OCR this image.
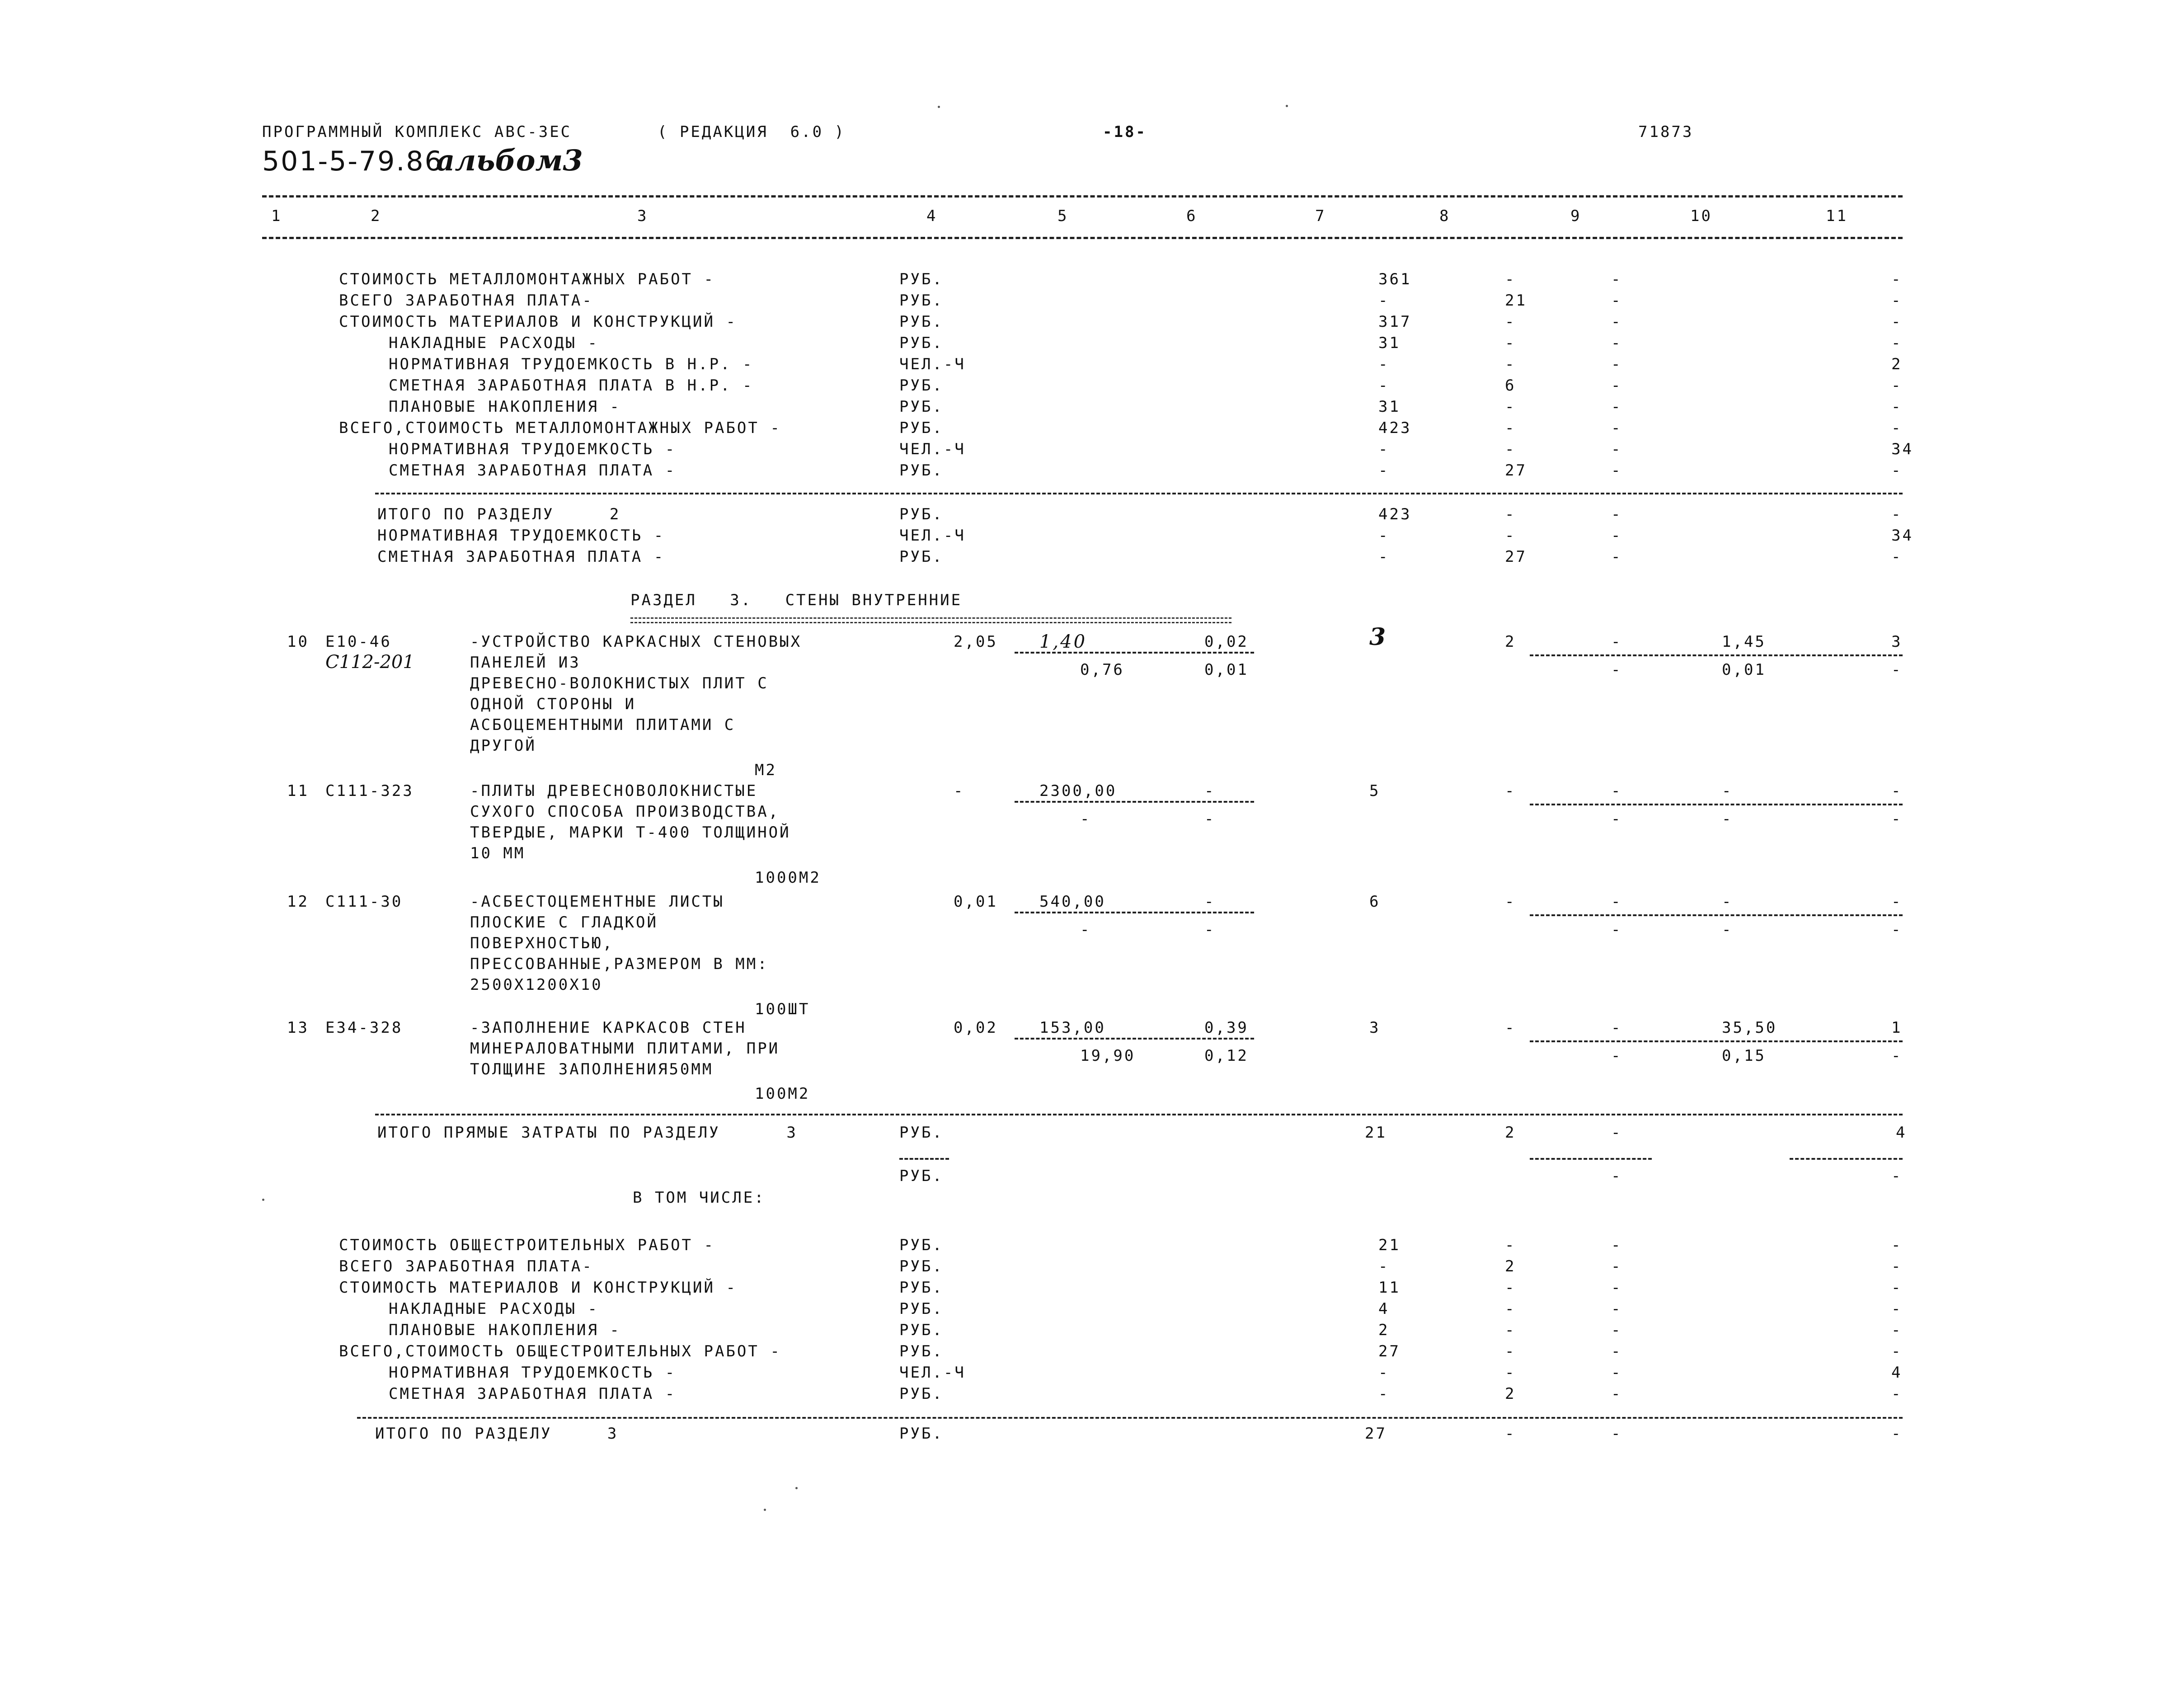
ПРОГРАММНЫЙ КОМПЛЕКС АВС-ЗЕС	( РЕДАКЦИЯ  6.0 )	-18-	71873
501-5-79.86
альбом3
1	2	3	4	5	6	7	8	9	10	11
СТОИМОСТЬ МЕТАЛЛОМОНТАЖНЫХ РАБОТ -	РУБ.	361	-	-	-
ВСЕГО ЗАРАБОТНАЯ ПЛАТА-	РУБ.	-	21	-	-
СТОИМОСТЬ МАТЕРИАЛОВ И КОНСТРУКЦИЙ -	РУБ.	317	-	-	-
НАКЛАДНЫЕ РАСХОДЫ -	РУБ.	31	-	-	-
НОРМАТИВНАЯ ТРУДОЕМКОСТЬ В Н.Р. -	ЧЕЛ.-Ч	-	-	-	2
СМЕТНАЯ ЗАРАБОТНАЯ ПЛАТА В Н.Р. -	РУБ.	-	6	-	-
ПЛАНОВЫЕ НАКОПЛЕНИЯ -	РУБ.	31	-	-	-
ВСЕГО,СТОИМОСТЬ МЕТАЛЛОМОНТАЖНЫХ РАБОТ -	РУБ.	423	-	-	-
НОРМАТИВНАЯ ТРУДОЕМКОСТЬ -	ЧЕЛ.-Ч	-	-	-	34
СМЕТНАЯ ЗАРАБОТНАЯ ПЛАТА -	РУБ.	-	27	-	-
ИТОГО ПО РАЗДЕЛУ     2	РУБ.	423	-	-	-
НОРМАТИВНАЯ ТРУДОЕМКОСТЬ -	ЧЕЛ.-Ч	-	-	-	34
СМЕТНАЯ ЗАРАБОТНАЯ ПЛАТА -	РУБ.	-	27	-	-
РАЗДЕЛ   3.   СТЕНЫ ВНУТРЕННИЕ
10 Е10-46
С112-201
-УСТРОЙСТВО КАРКАСНЫХ СТЕНОВЫХ
ПАНЕЛЕЙ ИЗ
ДРЕВЕСНО-ВОЛОКНИСТЫХ ПЛИТ С
ОДНОЙ СТОРОНЫ И
АСБОЦЕМЕНТНЫМИ ПЛИТАМИ С
ДРУГОЙ
М2
2,05 1,40	0,02	3	2	-	1,45	3
0,76	0,01	-	0,01	-
11 С111-323	-ПЛИТЫ ДРЕВЕСНОВОЛОКНИСТЫЕ
СУХОГО СПОСОБА ПРОИЗВОДСТВА,
ТВЕРДЫЕ, МАРКИ Т-400 ТОЛЩИНОЙ
10 ММ
1000М2
-	2300,00	-	5	-	-	-	-
-	-	-	-	-
12 С111-30	-АСБЕСТОЦЕМЕНТНЫЕ ЛИСТЫ
ПЛОСКИЕ С ГЛАДКОЙ
ПОВЕРХНОСТЬЮ,
ПРЕССОВАННЫЕ,РАЗМЕРОМ В ММ:
2500Х1200Х10
100ШТ
0,01	540,00	-	6	-	-	-	-
-	-	-	-	-
13 Е34-328	-ЗАПОЛНЕНИЕ КАРКАСОВ СТЕН
МИНЕРАЛОВАТНЫМИ ПЛИТАМИ, ПРИ
ТОЛЩИНЕ ЗАПОЛНЕНИЯ50ММ
100М2
0,02	153,00	0,39	3	-	-	35,50	1
19,90	0,12	-	0,15	-
ИТОГО ПРЯМЫЕ ЗАТРАТЫ ПО РАЗДЕЛУ      3	РУБ.	21	2	-	4
РУБ.	-	-
В ТОМ ЧИСЛЕ:
СТОИМОСТЬ ОБЩЕСТРОИТЕЛЬНЫХ РАБОТ -	РУБ.	21	-	-	-
ВСЕГО ЗАРАБОТНАЯ ПЛАТА-	РУБ.	-	2	-	-
СТОИМОСТЬ МАТЕРИАЛОВ И КОНСТРУКЦИЙ -	РУБ.	11	-	-	-
НАКЛАДНЫЕ РАСХОДЫ -	РУБ.	4	-	-	-
ПЛАНОВЫЕ НАКОПЛЕНИЯ -	РУБ.	2	-	-	-
ВСЕГО,СТОИМОСТЬ ОБЩЕСТРОИТЕЛЬНЫХ РАБОТ -	РУБ.	27	-	-	-
НОРМАТИВНАЯ ТРУДОЕМКОСТЬ -	ЧЕЛ.-Ч	-	-	-	4
СМЕТНАЯ ЗАРАБОТНАЯ ПЛАТА -	РУБ.	-	2	-	-
ИТОГО ПО РАЗДЕЛУ     3	РУБ.	27	-	-	-
